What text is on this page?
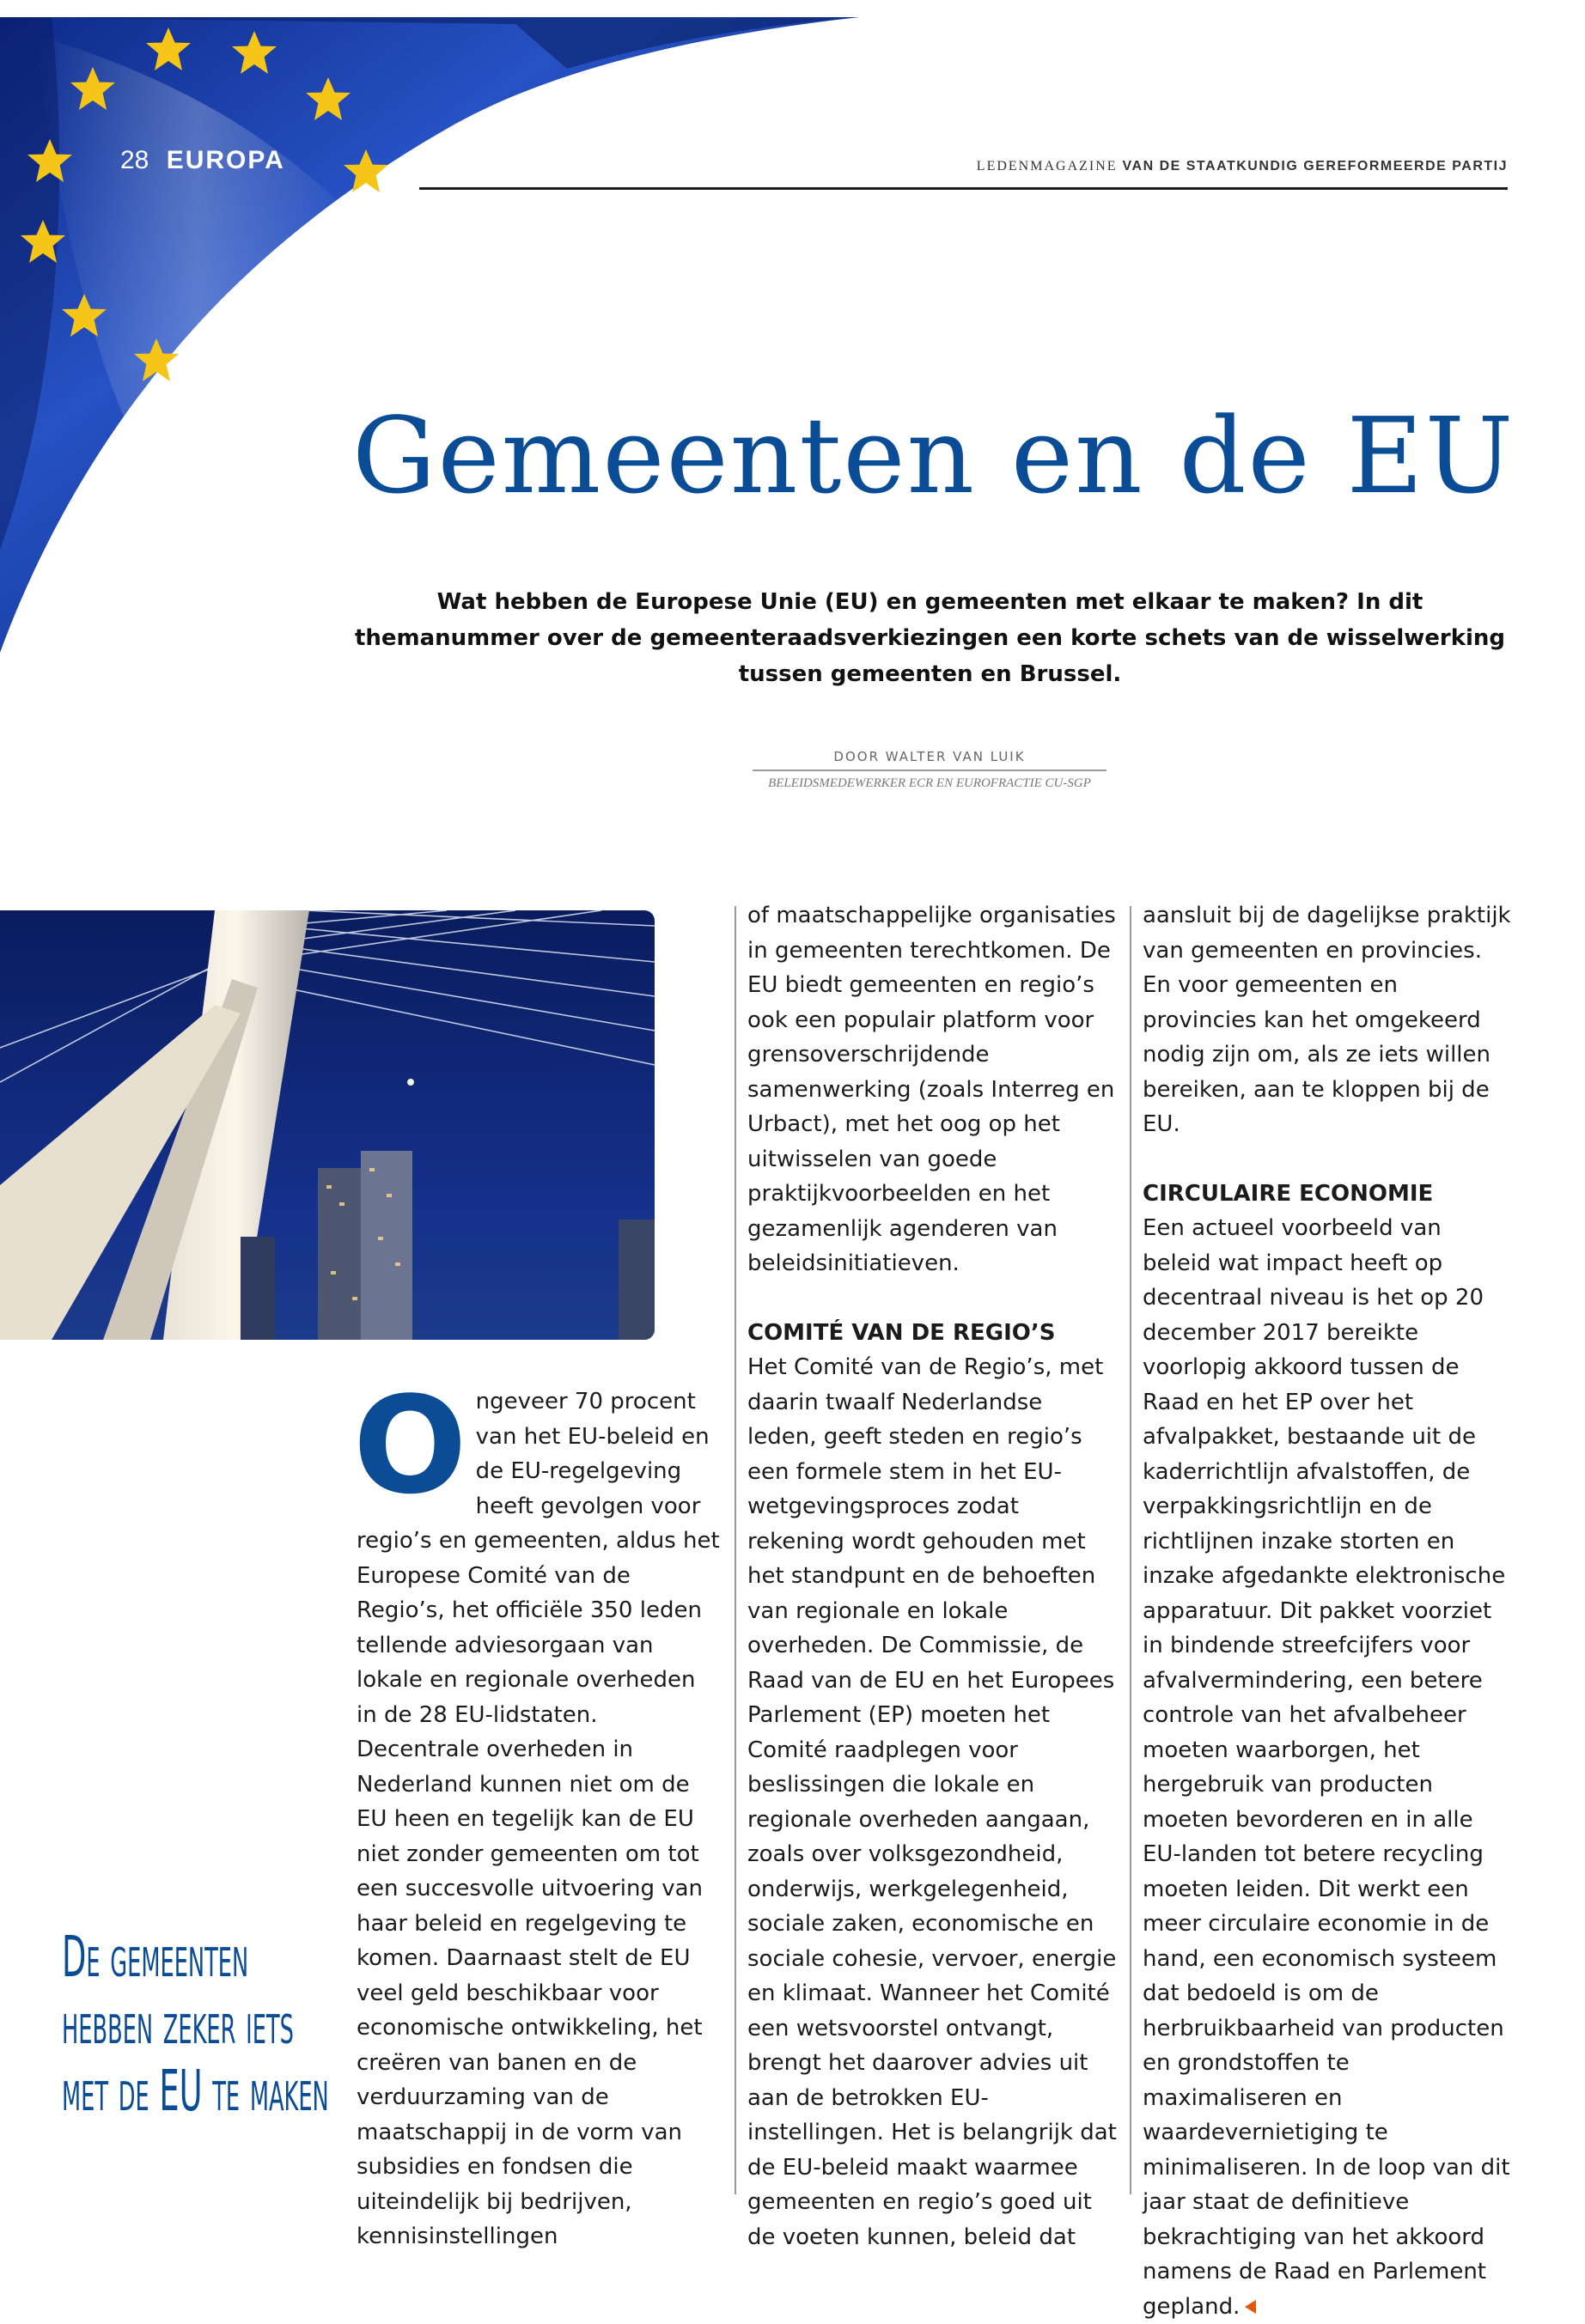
28 EUROPA	LEDENMAGAZINE VAN DE STAATKUNDIG GEREFORMEERDE PARTIJ
Gemeenten en de EU
Wat hebben de Europese Unie (EU) en gemeenten met elkaar te maken? In dit themanummer over de gemeenteraadsverkiezingen een korte schets van de wisselwerking tussen gemeenten en Brussel.
DOOR WALTER VAN LUIK
BELEIDSMEDEWERKER ECR EN EUROFRACTIE CU-SGP
O ngeveer 70 procent van het EU-beleid en de EU-regelgeving heeft gevolgen voor regio’s en gemeenten, aldus het Europese Comité van de Regio’s, het officiële 350 leden tellende adviesorgaan van lokale en regionale overheden in de 28 EU-lidstaten. Decentrale overheden in Nederland kunnen niet om de EU heen en tegelijk kan de EU niet zonder gemeenten om tot een succesvolle uitvoering van haar beleid en regelgeving te komen. Daarnaast stelt de EU veel geld beschikbaar voor economische ontwikkeling, het creëren van banen en de verduurzaming van de maatschappij in de vorm van subsidies en fondsen die uiteindelijk bij bedrijven, kennisinstellingen

of maatschappelijke organisaties in gemeenten terechtkomen. De EU biedt gemeenten en regio’s ook een populair platform voor grensoverschrijdende samenwerking (zoals Interreg en Urbact), met het oog op het uitwisselen van goede praktijkvoorbeelden en het gezamenlijk agenderen van beleidsinitiatieven.

COMITÉ VAN DE REGIO’S

Het Comité van de Regio’s, met daarin twaalf Nederlandse leden, geeft steden en regio’s een formele stem in het EU-wetgevingsproces zodat rekening wordt gehouden met het standpunt en de behoeften van regionale en lokale overheden. De Commissie, de Raad van de EU en het Europees Parlement (EP) moeten het Comité raadplegen voor beslissingen die lokale en regionale overheden aangaan, zoals over volksgezondheid, onderwijs, werkgelegenheid, sociale zaken, economische en sociale cohesie, vervoer, energie en klimaat. Wanneer het Comité een wetsvoorstel ontvangt, brengt het daarover advies uit aan de betrokken EU-instellingen. Het is belangrijk dat de EU-beleid maakt waarmee gemeenten en regio’s goed uit de voeten kunnen, beleid dat

aansluit bij de dagelijkse praktijk van gemeenten en provincies. En voor gemeenten en provincies kan het omgekeerd nodig zijn om, als ze iets willen bereiken, aan te kloppen bij de EU.

CIRCULAIRE ECONOMIE

Een actueel voorbeeld van beleid wat impact heeft op decentraal niveau is het op 20 december 2017 bereikte voorlopig akkoord tussen de Raad en het EP over het afvalpakket, bestaande uit de kaderrichtlijn afvalstoffen, de verpakkingsrichtlijn en de richtlijnen inzake storten en inzake afgedankte elektronische apparatuur. Dit pakket voorziet in bindende streefcijfers voor afvalvermindering, een betere controle van het afvalbeheer moeten waarborgen, het hergebruik van producten moeten bevorderen en in alle EU-landen tot betere recycling moeten leiden. Dit werkt een meer circulaire economie in de hand, een economisch systeem dat bedoeld is om de herbruikbaarheid van producten en grondstoffen te maximaliseren en waardevernietiging te minimaliseren. In de loop van dit jaar staat de definitieve bekrachtiging van het akkoord namens de Raad en Parlement gepland.

De gemeenten hebben zeker iets met de EU te maken
